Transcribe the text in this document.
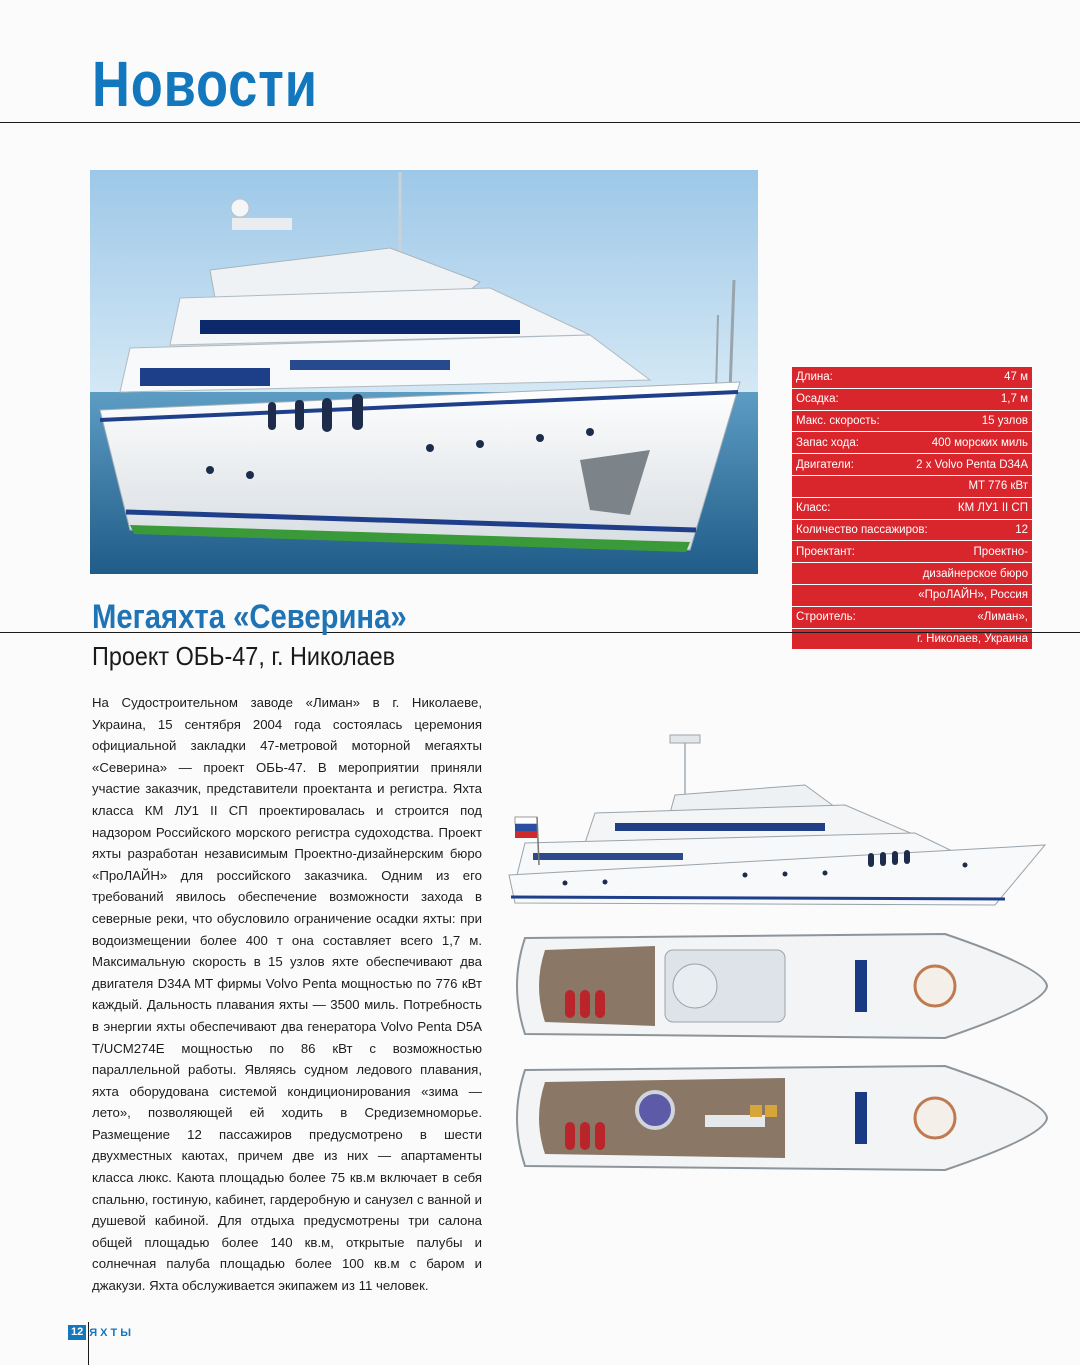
Новости
Длина:	47 м
Осадка:	1,7 м
Макс. скорость:	15 узлов
Запас хода:	400 морских миль
Двигатели:	2 x Volvo Penta D34A
MT 776 кВт
Класс:	КМ ЛУ1 II СП
Количество пассажиров:	12
Проектант:	Проектно-
дизайнерское бюро
«ПроЛАЙН», Россия
Строитель:	«Лиман»,
г. Николаев, Украина
Мегаяхта «Северина»
Проект ОБЬ-47, г. Николаев
На Судостроительном заводе «Лиман» в г. Николаеве, Украина, 15 сентября 2004 года состоялась церемония официальной закладки 47-метровой моторной мегаяхты «Северина» — проект ОБЬ-47. В мероприятии приняли участие заказчик, представители проектанта и регистра. Яхта класса КМ ЛУ1 II СП проектировалась и строится под надзором Российского морского регистра судоходства. Проект яхты разработан независимым Проектно-дизайнерским бюро «ПроЛАЙН» для российского заказчика. Одним из его требований явилось обеспечение возможности захода в северные реки, что обусловило ограничение осадки яхты: при водоизмещении более 400 т она составляет всего 1,7 м. Максимальную скорость в 15 узлов яхте обеспечивают два двигателя D34A MT фирмы Volvo Penta мощностью по 776 кВт каждый. Дальность плавания яхты — 3500 миль. Потребность в энергии яхты обеспечивают два генератора Volvo Penta D5A T/UCM274E мощностью по 86 кВт с возможностью параллельной работы. Являясь судном ледового плавания, яхта оборудована системой кондиционирования «зима — лето», позволяющей ей ходить в Средиземноморье. Размещение 12 пассажиров предусмотрено в шести двухместных каютах, причем две из них — апартаменты класса люкс. Каюта площадью более 75 кв.м включает в себя спальню, гостиную, кабинет, гардеробную и санузел с ванной и душевой кабиной. Для отдыха предусмотрены три салона общей площадью более 140 кв.м, открытые палубы и солнечная палуба площадью более 100 кв.м с баром и джакузи. Яхта обслуживается экипажем из 11 человек.
12 ЯХТЫ
